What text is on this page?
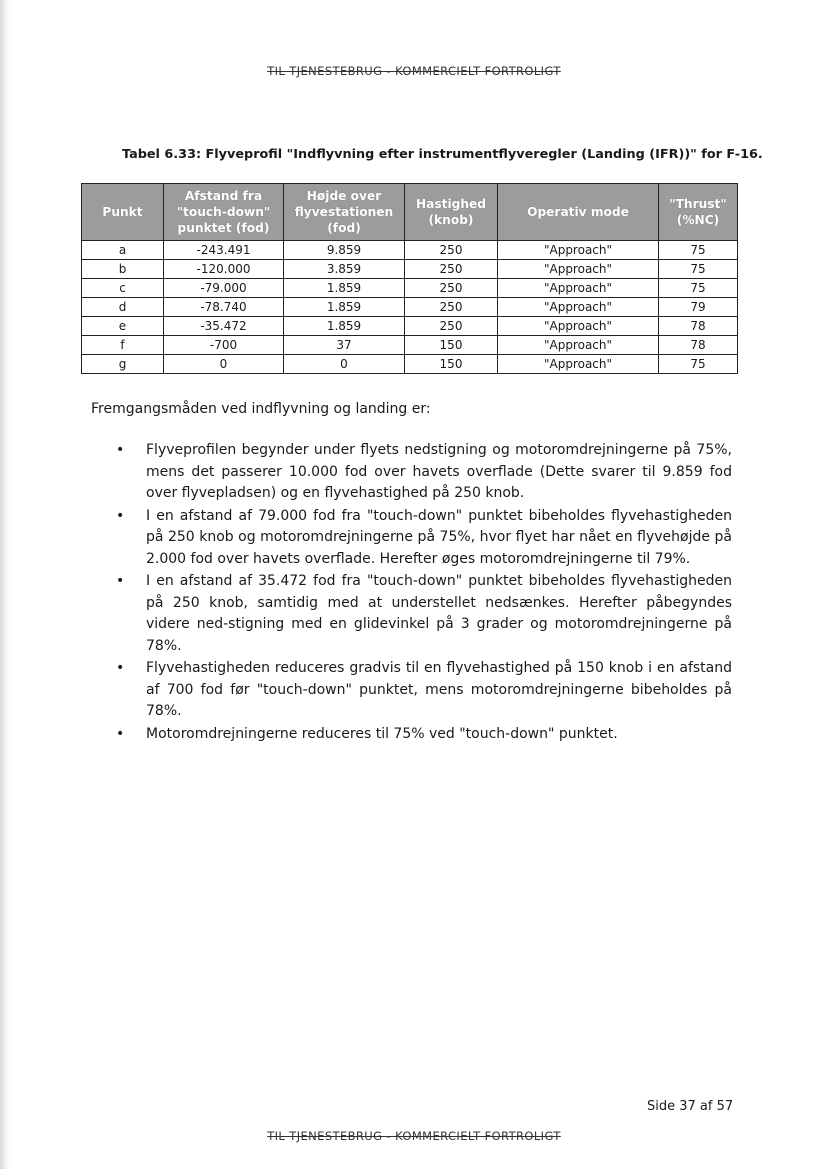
TIL TJENESTEBRUG - KOMMERCIELT FORTROLIGT
Tabel 6.33: Flyveprofil "Indflyvning efter instrumentflyveregler (Landing (IFR))" for F-16.
Punkt	Afstand fra "touch-down" punktet (fod)	Højde over flyvestationen (fod)	Hastighed (knob)	Operativ mode	"Thrust" (%NC)
a	-243.491	9.859	250	"Approach"	75
b	-120.000	3.859	250	"Approach"	75
c	-79.000	1.859	250	"Approach"	75
d	-78.740	1.859	250	"Approach"	79
e	-35.472	1.859	250	"Approach"	78
f	-700	37	150	"Approach"	78
g	0	0	150	"Approach"	75
Fremgangsmåden ved indflyvning og landing er:
• Flyveprofilen begynder under flyets nedstigning og motoromdrejningerne på 75%, mens det passerer 10.000 fod over havets overflade (Dette svarer til 9.859 fod over flyvepladsen) og en flyvehastighed på 250 knob.
• I en afstand af 79.000 fod fra "touch-down" punktet bibeholdes flyvehastigheden på 250 knob og motoromdrejningerne på 75%, hvor flyet har nået en flyvehøjde på 2.000 fod over havets overflade. Herefter øges motoromdrejningerne til 79%.
• I en afstand af 35.472 fod fra "touch-down" punktet bibeholdes flyvehastigheden på 250 knob, samtidig med at understellet nedsænkes. Herefter påbegyndes videre ned-stigning med en glidevinkel på 3 grader og motoromdrejningerne på 78%.
• Flyvehastigheden reduceres gradvis til en flyvehastighed på 150 knob i en afstand af 700 fod før "touch-down" punktet, mens motoromdrejningerne bibeholdes på 78%.
• Motoromdrejningerne reduceres til 75% ved "touch-down" punktet.
Side 37 af 57
TIL TJENESTEBRUG - KOMMERCIELT FORTROLIGT
